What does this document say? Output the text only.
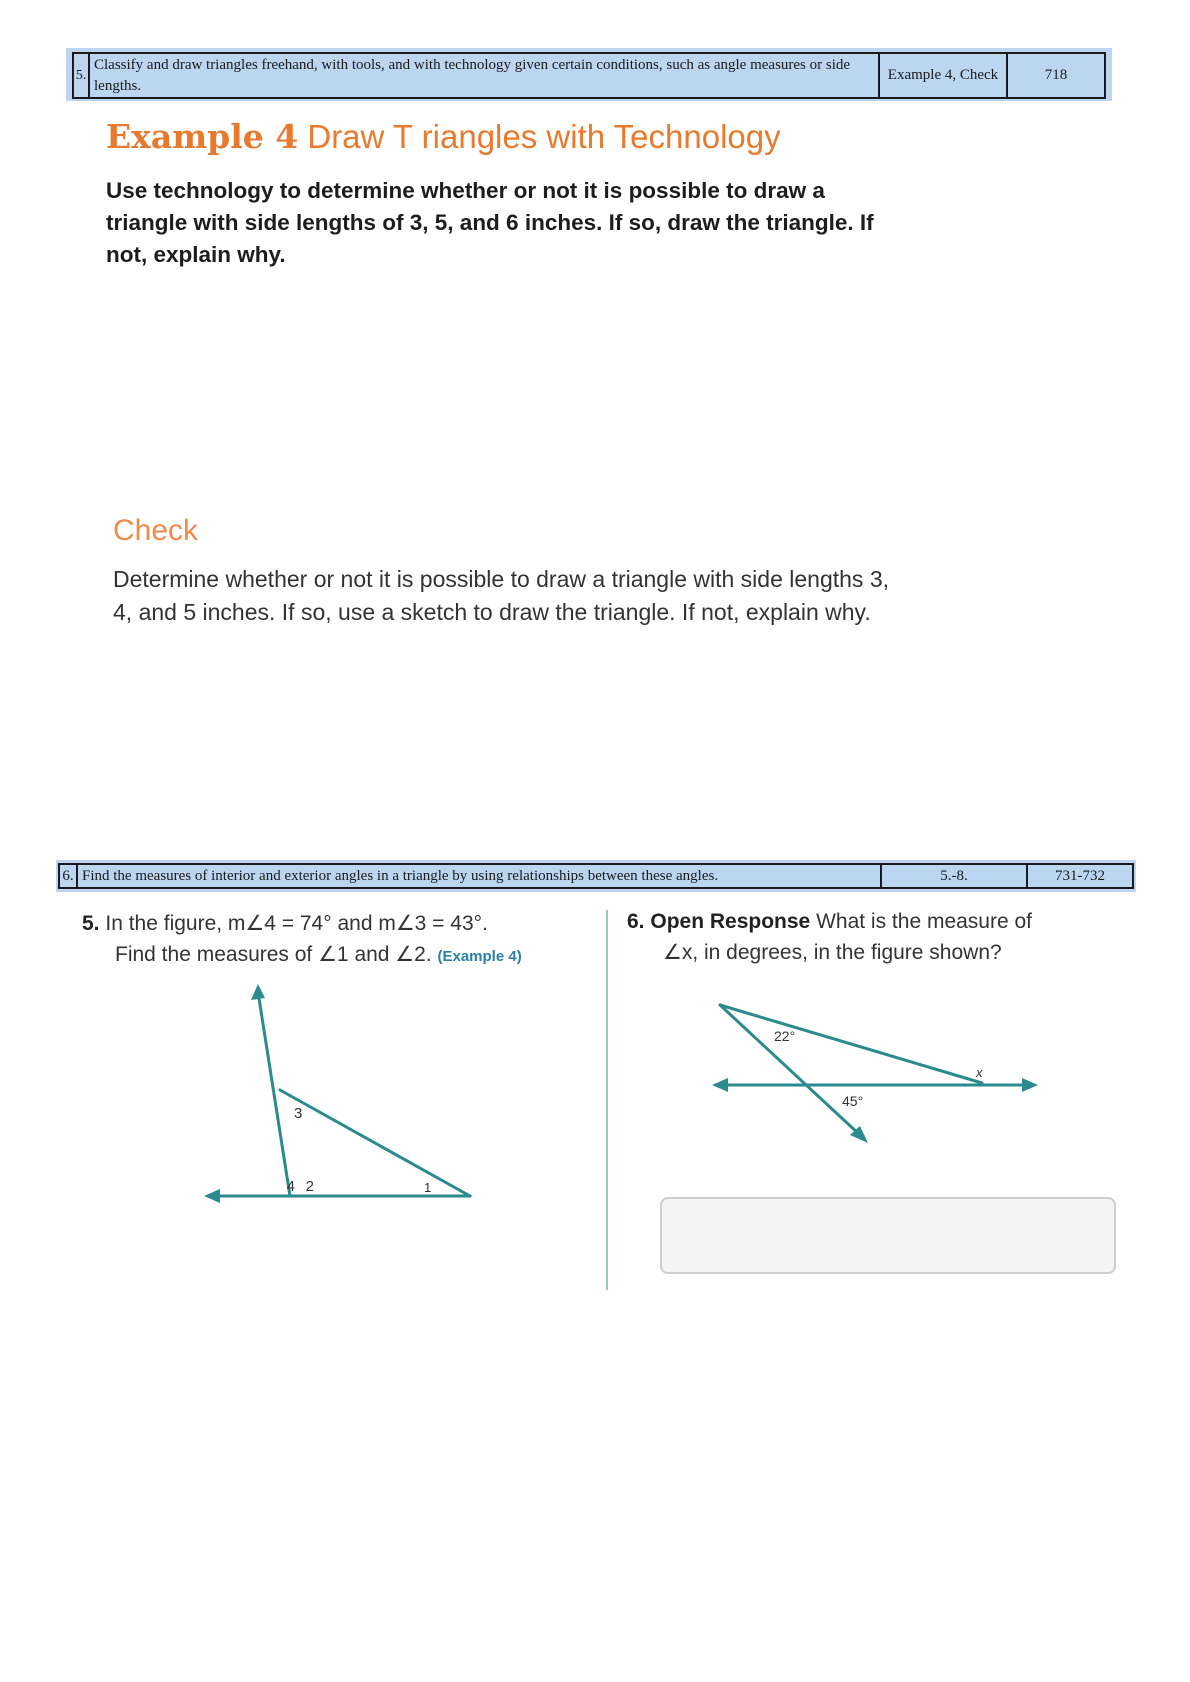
5.	Classify and draw triangles freehand, with tools, and with technology given certain conditions, such as angle measures or side lengths.	Example 4, Check	718
Example 4 Draw T riangles with Technology
Use technology to determine whether or not it is possible to draw a triangle with side lengths of 3, 5, and 6 inches. If so, draw the triangle. If not, explain why.
Check
Determine whether or not it is possible to draw a triangle with side lengths 3, 4, and 5 inches. If so, use a sketch to draw the triangle. If not, explain why.
6.	Find the measures of interior and exterior angles in a triangle by using relationships between these angles.	5.-8.	731-732
5. In the figure, m∠4 = 74° and m∠3 = 43°.
Find the measures of ∠1 and ∠2. (Example 4)
3
4 2	1
6. Open Response What is the measure of
∠x, in degrees, in the figure shown?
22°
45°
x
